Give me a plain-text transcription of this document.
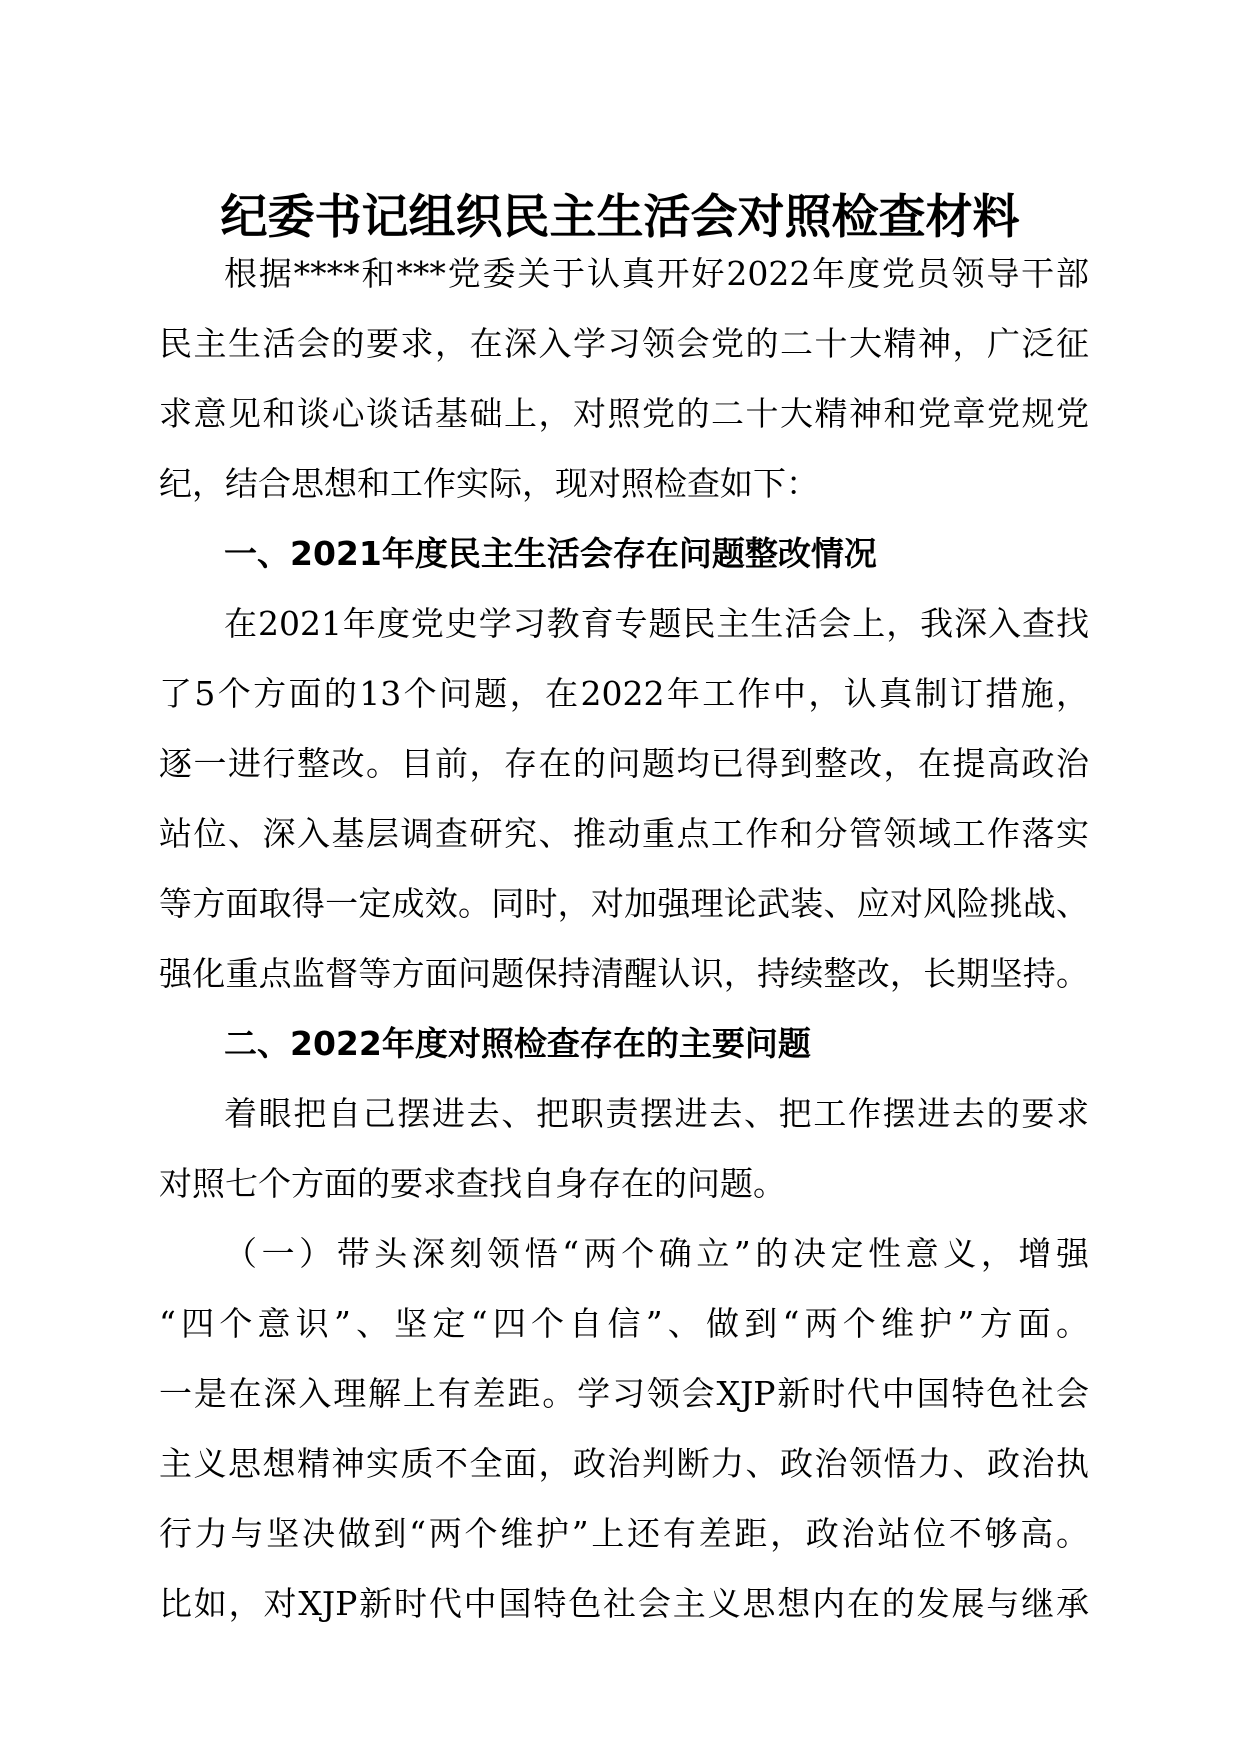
纪委书记组织民主生活会对照检查材料
根据****和***党委关于认真开好2022年度党员领导干部
民主生活会的要求，在深入学习领会党的二十大精神，广泛征
求意见和谈心谈话基础上，对照党的二十大精神和党章党规党
纪，结合思想和工作实际，现对照检查如下：
一、2021年度民主生活会存在问题整改情况
在2021年度党史学习教育专题民主生活会上，我深入查找
了5个方面的13个问题，在2022年工作中，认真制订措施，
逐一进行整改。目前，存在的问题均已得到整改，在提高政治
站位、深入基层调查研究、推动重点工作和分管领域工作落实
等方面取得一定成效。同时，对加强理论武装、应对风险挑战、
强化重点监督等方面问题保持清醒认识，持续整改，长期坚持。
二、2022年度对照检查存在的主要问题
着眼把自己摆进去、把职责摆进去、把工作摆进去的要求
对照七个方面的要求查找自身存在的问题。
（一）带头深刻领悟“两个确立”的决定性意义，增强
“四个意识”、坚定“四个自信”、做到“两个维护”方面。
一是在深入理解上有差距。学习领会XJP新时代中国特色社会
主义思想精神实质不全面，政治判断力、政治领悟力、政治执
行力与坚决做到“两个维护”上还有差距，政治站位不够高。
比如，对XJP新时代中国特色社会主义思想内在的发展与继承
